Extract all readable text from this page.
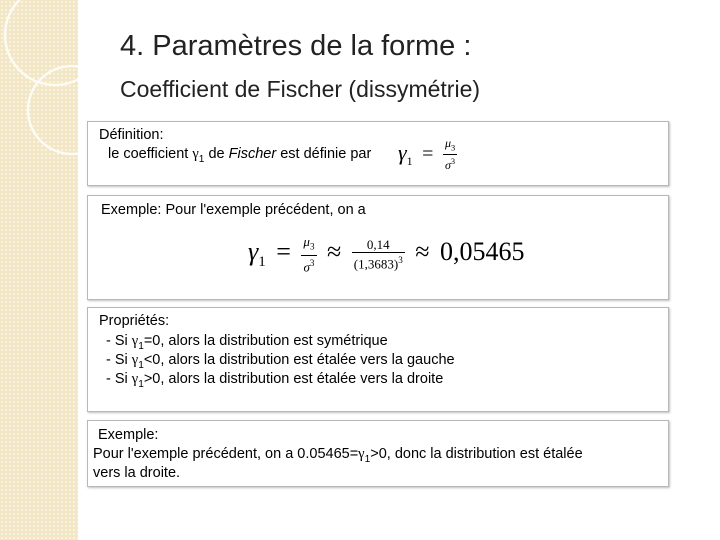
4. Paramètres de la forme :
Coefficient de Fischer (dissymétrie)
Définition:
le coefficient $\gamma_1$ de Fischer est définie par $\gamma_1 = \frac{\mu_3}{\sigma^3}$
Exemple: Pour l'exemple précédent, on a
$\gamma_1 = \frac{\mu_3}{\sigma^3} \approx \frac{0,14}{(1,3683)^3} \approx 0,05465$
Propriétés:
- Si $\gamma_1=0$, alors la distribution est symétrique
- Si $\gamma_1<0$, alors la distribution est étalée vers la gauche
- Si $\gamma_1>0$, alors la distribution est étalée vers la droite
Exemple:
Pour l'exemple précédent, on a $0.05465=\gamma_1>0$, donc la distribution est étalée
vers la droite.
